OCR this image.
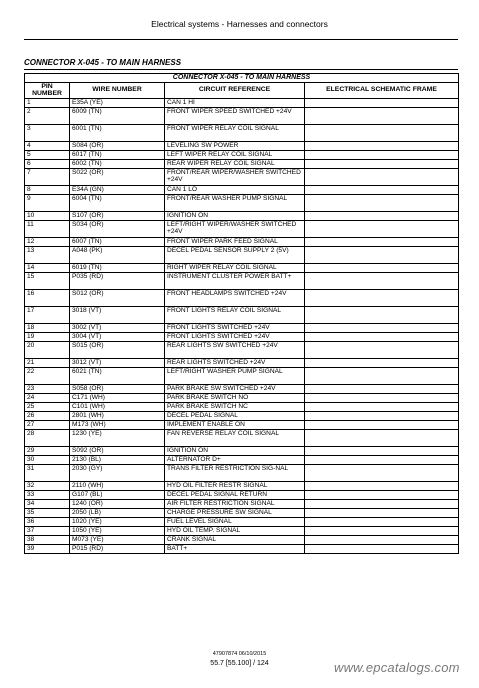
Electrical systems - Harnesses and connectors
CONNECTOR X-045 - TO MAIN HARNESS
CONNECTOR X-045 - TO MAIN HARNESS			
PIN NUMBER	WIRE NUMBER	CIRCUIT REFERENCE	ELECTRICAL SCHEMATIC FRAME
1	E35A (YE)	CAN 1 HI	
2	6009 (TN)	FRONT WIPER SPEED SWITCHED +24V	
3	6001 (TN)	FRONT WIPER RELAY COIL SIGNAL	
4	S084 (OR)	LEVELING SW POWER	
5	6017 (TN)	LEFT WIPER RELAY COIL SIGNAL	
6	6002 (TN)	REAR WIPER RELAY COIL SIGNAL	
7	S022 (OR)	FRONT/REAR WIPER/WASHER SWITCHED +24V	
8	E34A (GN)	CAN 1 LO	
9	6004 (TN)	FRONT/REAR WASHER PUMP SIGNAL	
10	S107 (OR)	IGNITION ON	
11	S034 (OR)	LEFT/RIGHT WIPER/WASHER SWITCHED +24V	
12	6007 (TN)	FRONT WIPER PARK FEED SIGNAL	
13	A048 (PK)	DECEL PEDAL SENSOR SUPPLY 2 (5V)	
14	6019 (TN)	RIGHT WIPER RELAY COIL SIGNAL	
15	P035 (RD)	INSTRUMENT CLUSTER POWER BATT+	
16	S012 (OR)	FRONT HEADLAMPS SWITCHED +24V	
17	3018 (VT)	FRONT LIGHTS RELAY COIL SIGNAL	
18	3002 (VT)	FRONT LIGHTS SWITCHED +24V	
19	3004 (VT)	FRONT LIGHTS SWITCHED +24V	
20	S015 (OR)	REAR LIGHTS SW SWITCHED +24V	
21	3012 (VT)	REAR LIGHTS SWITCHED +24V	
22	6021 (TN)	LEFT/RIGHT WASHER PUMP SIGNAL	
23	S058 (OR)	PARK BRAKE SW SWITCHED +24V	
24	C171 (WH)	PARK BRAKE SWITCH NO	
25	C101 (WH)	PARK BRAKE SWITCH NC	
26	2801 (WH)	DECEL PEDAL SIGNAL	
27	M173 (WH)	IMPLEMENT ENABLE ON	
28	1230 (YE)	FAN REVERSE RELAY COIL SIGNAL	
29	S092 (OR)	IGNITION ON	
30	2130 (BL)	ALTERNATOR D+	
31	2030 (GY)	TRANS FILTER RESTRICTION SIG-NAL	
32	2110 (WH)	HYD OIL FILTER RESTR SIGNAL	
33	G107 (BL)	DECEL PEDAL SIGNAL RETURN	
34	1240 (OR)	AIR FILTER RESTRICTION SIGNAL	
35	2050 (LB)	CHARGE PRESSURE SW SIGNAL	
36	1020 (YE)	FUEL LEVEL SIGNAL	
37	1050 (YE)	HYD OIL TEMP. SIGNAL	
38	M073 (YE)	CRANK SIGNAL	
39	P015 (RD)	BATT+	
47907874 06/10/2015
55.7 [55.100] / 124	www.epcatalogs.com
